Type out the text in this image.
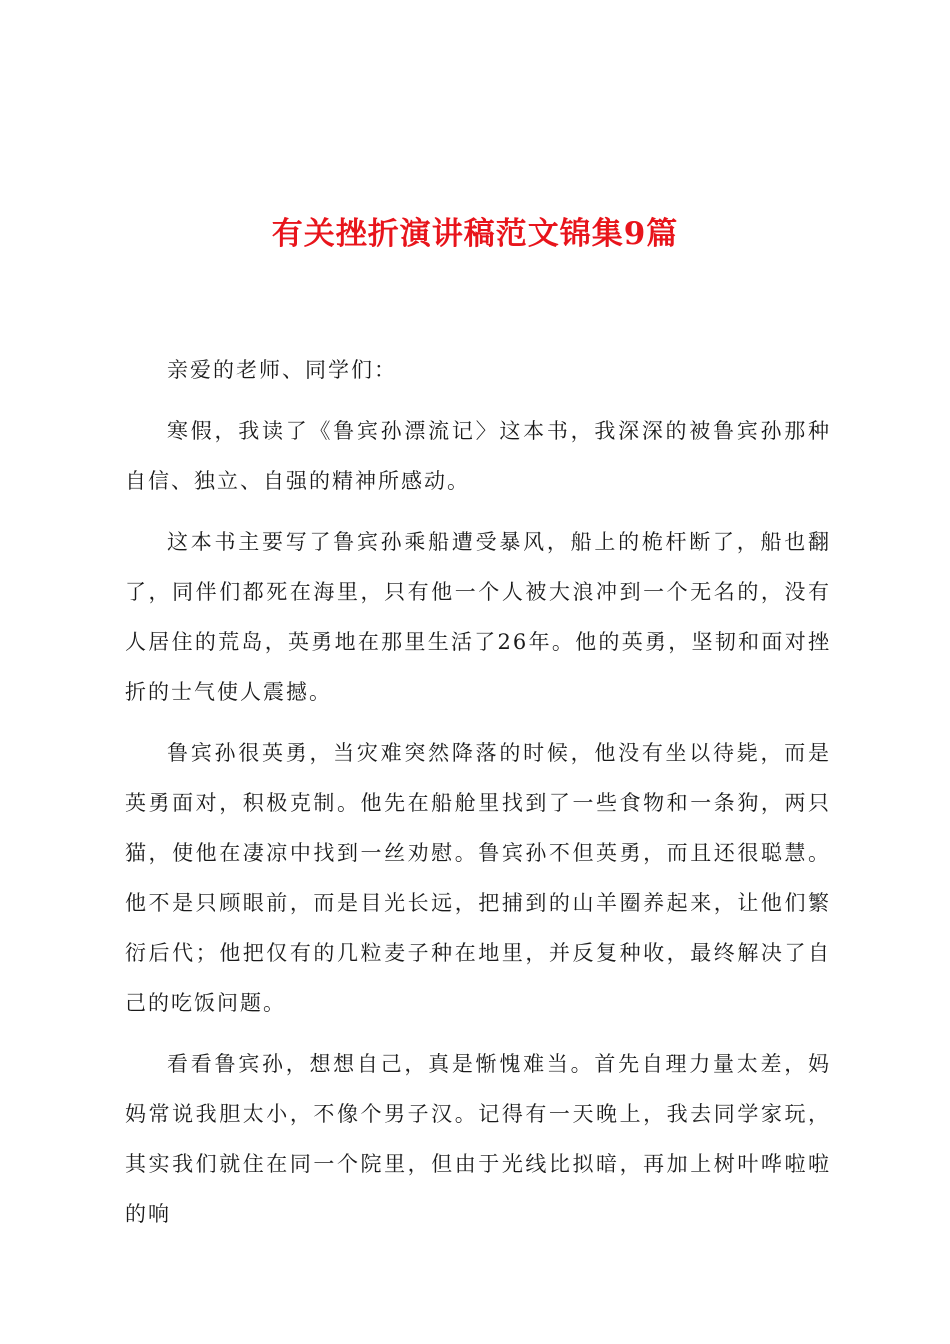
有关挫折演讲稿范文锦集9篇

亲爱的老师、同学们：

寒假，我读了《鲁宾孙漂流记〉这本书，我深深的被鲁宾孙那种自信、独立、自强的精神所感动。

这本书主要写了鲁宾孙乘船遭受暴风，船上的桅杆断了，船也翻了，同伴们都死在海里，只有他一个人被大浪冲到一个无名的，没有人居住的荒岛，英勇地在那里生活了26年。他的英勇，坚韧和面对挫折的士气使人震撼。

鲁宾孙很英勇，当灾难突然降落的时候，他没有坐以待毙，而是英勇面对，积极克制。他先在船舱里找到了一些食物和一条狗，两只猫，使他在凄凉中找到一丝劝慰。鲁宾孙不但英勇，而且还很聪慧。他不是只顾眼前，而是目光长远，把捕到的山羊圈养起来，让他们繁衍后代；他把仅有的几粒麦子种在地里，并反复种收，最终解决了自己的吃饭问题。

看看鲁宾孙，想想自己，真是惭愧难当。首先自理力量太差，妈妈常说我胆太小，不像个男子汉。记得有一天晚上，我去同学家玩，其实我们就住在同一个院里，但由于光线比拟暗，再加上树叶哗啦啦的响
